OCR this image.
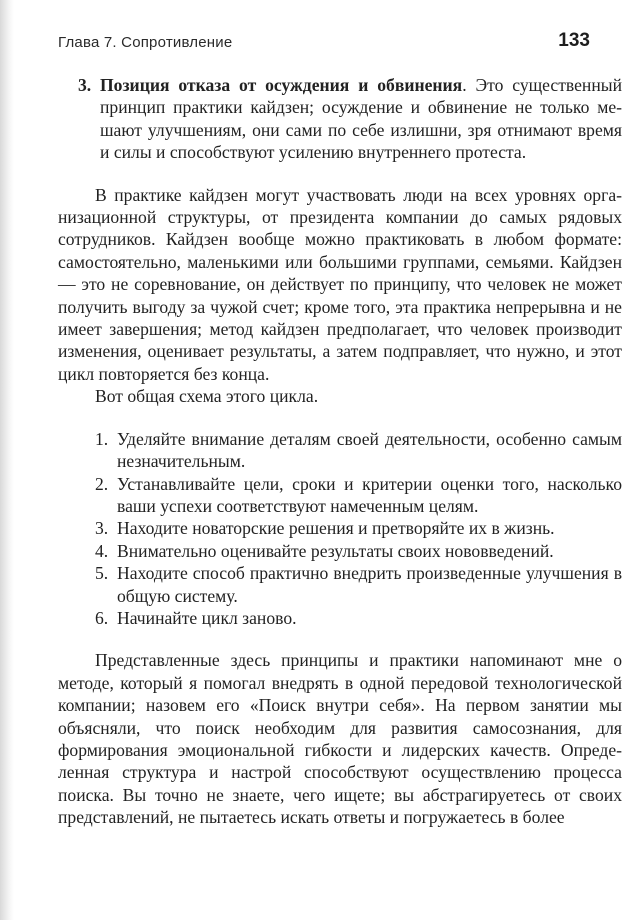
Глава 7. Сопротивление	133

3. Позиция отказа от осуждения и обвинения. Это существенный принцип практики кайдзен; осуждение и обвинение не только мешают улучшениям, они сами по себе излишни, зря отнимают время и силы и способствуют усилению внутреннего протеста.

В практике кайдзен могут участвовать люди на всех уровнях организационной структуры, от президента компании до самых рядовых сотрудников. Кайдзен вообще можно практиковать в любом формате: самостоятельно, маленькими или большими группами, семьями. Кайдзен — это не соревнование, он действует по принципу, что человек не может получить выгоду за чужой счет; кроме того, эта практика непрерывна и не имеет завершения; метод кайдзен предполагает, что человек производит изменения, оценивает результаты, а затем подправляет, что нужно, и этот цикл повторяется без конца.

Вот общая схема этого цикла.

1. Уделяйте внимание деталям своей деятельности, особенно самым незначительным.

2. Устанавливайте цели, сроки и критерии оценки того, насколько ваши успехи соответствуют намеченным целям.

3. Находите новаторские решения и претворяйте их в жизнь.

4. Внимательно оценивайте результаты своих нововведений.

5. Находите способ практично внедрить произведенные улучшения в общую систему.

6. Начинайте цикл заново.

Представленные здесь принципы и практики напоминают мне о методе, который я помогал внедрять в одной передовой технологической компании; назовем его «Поиск внутри себя». На первом занятии мы объясняли, что поиск необходим для развития самосознания, для формирования эмоциональной гибкости и лидерских качеств. Определенная структура и настрой способствуют осуществлению процесса поиска. Вы точно не знаете, чего ищете; вы абстрагируетесь от своих представлений, не пытаетесь искать ответы и погружаетесь в более
